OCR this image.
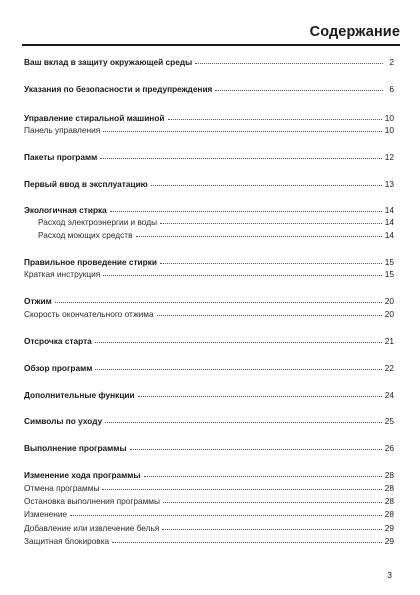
Содержание
Ваш вклад в защиту окружающей среды	2
Указания по безопасности и предупреждения	6
Управление стиральной машиной	10
Панель управления	10
Пакеты программ	12
Первый ввод в эксплуатацию	13
Экологичная стирка	14
Расход электроэнергии и воды	14
Расход моющих средств	14
Правильное проведение стирки	15
Краткая инструкция	15
Отжим	20
Скорость окончательного отжима	20
Отсрочка старта	21
Обзор программ	22
Дополнительные функции	24
Символы по уходу	25
Выполнение программы	26
Изменение хода программы	28
Отмена программы	28
Остановка выполнения программы	28
Изменение	28
Добавление или извлечение белья	29
Защитная блокировка	29
3
